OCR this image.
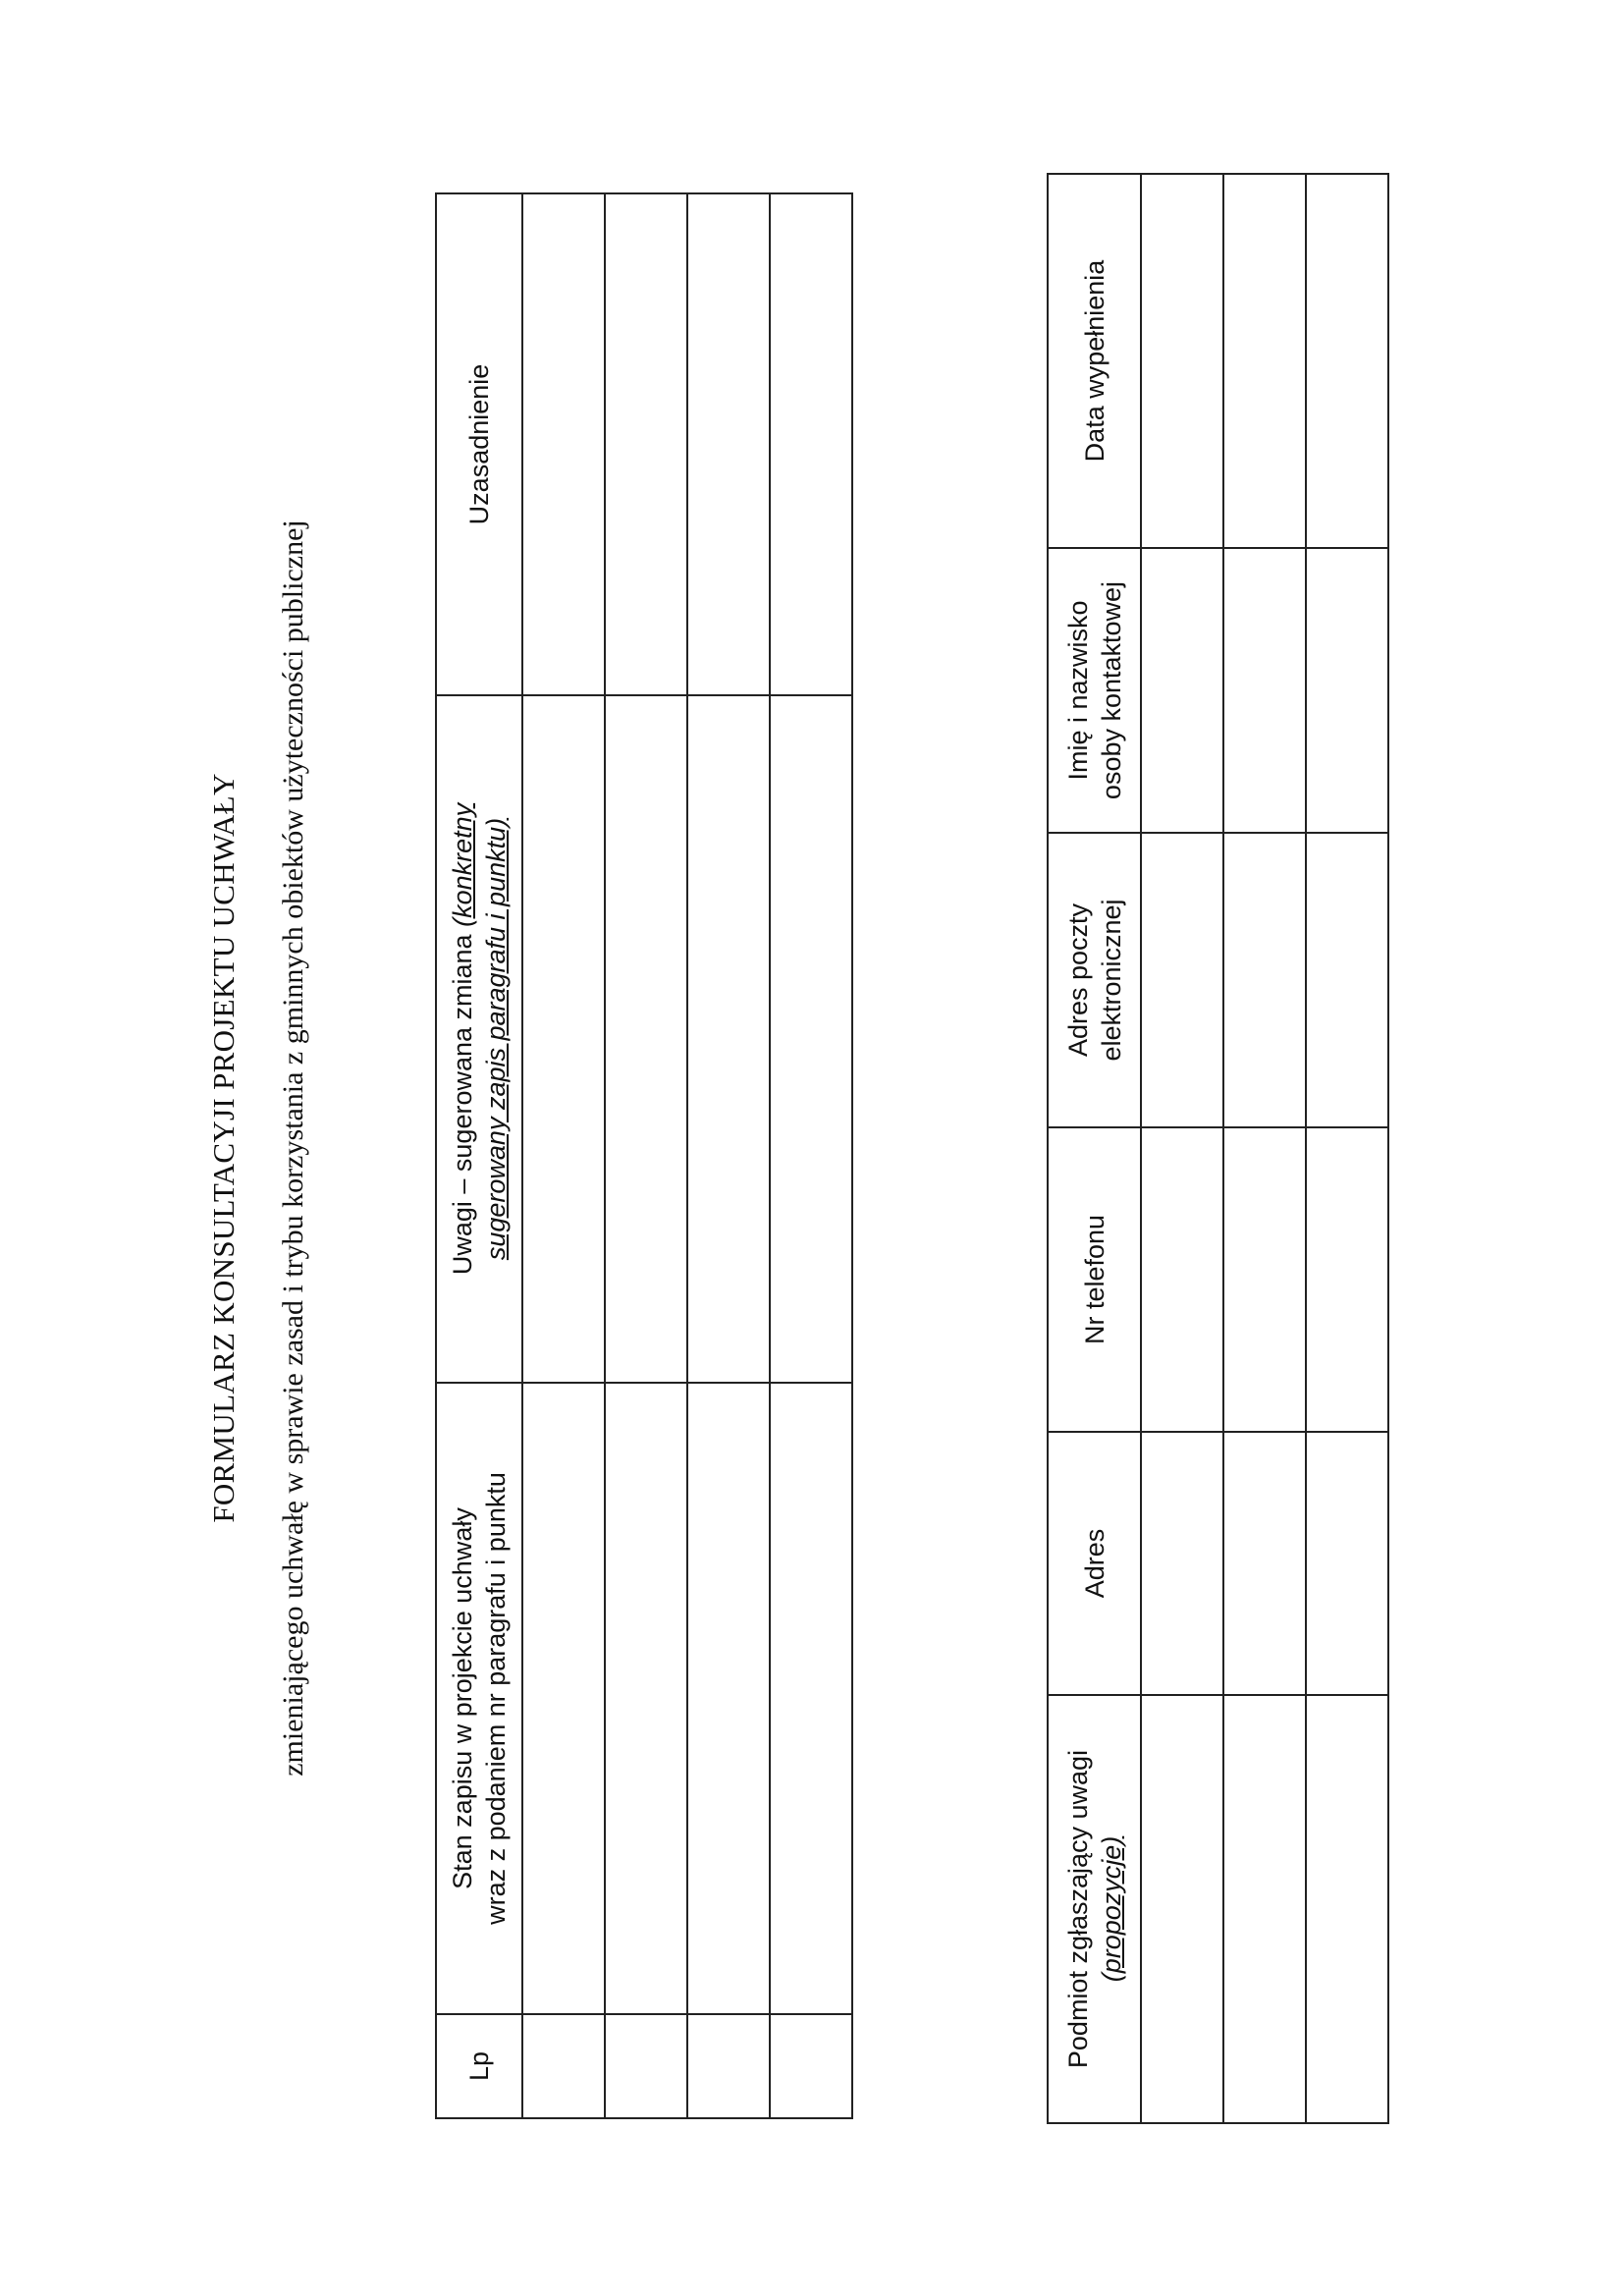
FORMULARZ KONSULTACYJI PROJEKTU UCHWAŁY zmieniającego uchwałę w sprawie zasad i trybu korzystania z gminnych obiektów użyteczności publicznej
Lp	Stan zapisu w projekcie uchwały wraz z podaniem nr paragrafu i punktu	Uwagi – sugerowana zmiana (konkretny sugerowany zapis paragrafu i punktu)	Uzasadnienie

Podmiot zgłaszający uwagi (propozycje)	Adres	Nr telefonu	Adres poczty elektronicznej	Imię i nazwisko osoby kontaktowej	Data wypełnienia
